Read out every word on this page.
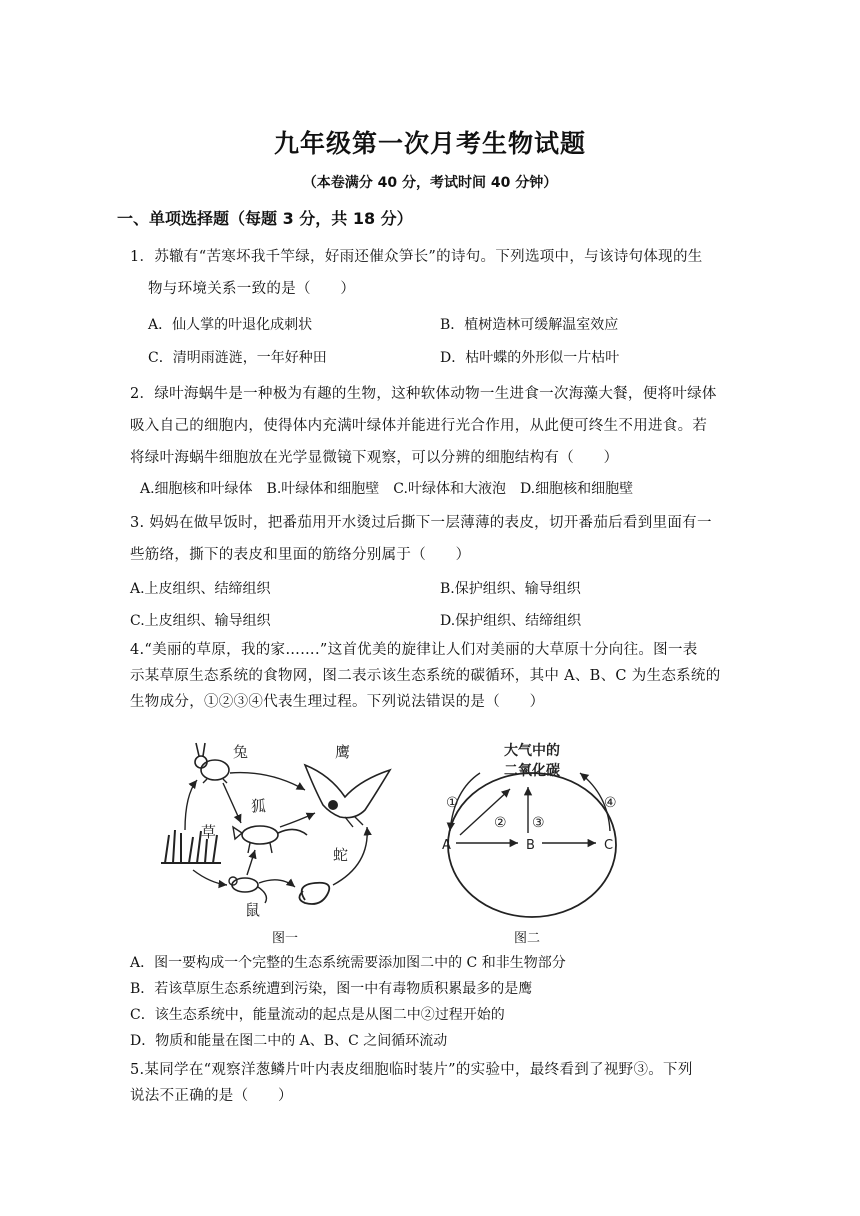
九年级第一次月考生物试题
（本卷满分 40 分，考试时间 40 分钟）
一、单项选择题（每题 3 分，共 18 分）
1．苏辙有“苦寒坏我千竿绿，好雨还催众笋长”的诗句。下列选项中，与该诗句体现的生
物与环境关系一致的是（　　）
A．仙人掌的叶退化成刺状	B．植树造林可缓解温室效应
C．清明雨涟涟，一年好种田	D．枯叶蝶的外形似一片枯叶
2．绿叶海蜗牛是一种极为有趣的生物，这种软体动物一生进食一次海藻大餐，便将叶绿体
吸入自己的细胞内，使得体内充满叶绿体并能进行光合作用，从此便可终生不用进食。若
将绿叶海蜗牛细胞放在光学显微镜下观察，可以分辨的细胞结构有（　　）
A.细胞核和叶绿体　B.叶绿体和细胞壁　C.叶绿体和大液泡　D.细胞核和细胞壁
3. 妈妈在做早饭时，把番茄用开水烫过后撕下一层薄薄的表皮，切开番茄后看到里面有一
些筋络，撕下的表皮和里面的筋络分别属于（　　）
A.上皮组织、结缔组织	B.保护组织、输导组织
C.上皮组织、输导组织	D.保护组织、结缔组织
4.“美丽的草原，我的家…….”这首优美的旋律让人们对美丽的大草原十分向往。图一表
示某草原生态系统的食物网，图二表示该生态系统的碳循环，其中 A、B、C 为生态系统的
生物成分，①②③④代表生理过程。下列说法错误的是（　　）
兔	鹰
狐
草
鼠
蛇
图一
大气中的
二氧化碳
①
② ③
④
A	B	C
图二
A．图一要构成一个完整的生态系统需要添加图二中的 C 和非生物部分
B．若该草原生态系统遭到污染，图一中有毒物质积累最多的是鹰
C．该生态系统中，能量流动的起点是从图二中②过程开始的
D．物质和能量在图二中的 A、B、C 之间循环流动
5.某同学在“观察洋葱鳞片叶内表皮细胞临时装片”的实验中，最终看到了视野③。下列
说法不正确的是（　　）
